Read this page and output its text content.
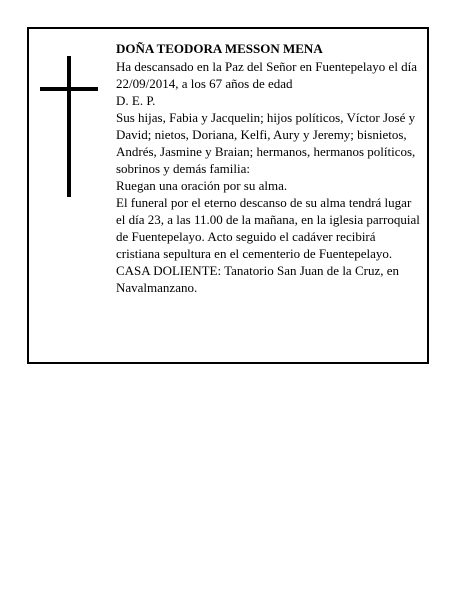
DOÑA TEODORA MESSON MENA

Ha descansado en la Paz del Señor en Fuentepelayo el día 22/09/2014, a los 67 años de edad

D. E. P.

Sus hijas, Fabia y Jacquelin; hijos políticos, Víctor José y David; nietos, Doriana, Kelfi, Aury y Jeremy; bisnietos, Andrés, Jasmine y Braian; hermanos, hermanos políticos, sobrinos y demás familia:

Ruegan una oración por su alma.

El funeral por el eterno descanso de su alma tendrá lugar el día 23, a las 11.00 de la mañana, en la iglesia parroquial de Fuentepelayo. Acto seguido el cadáver recibirá cristiana sepultura en el cementerio de Fuentepelayo.

CASA DOLIENTE: Tanatorio San Juan de la Cruz, en Navalmanzano.
